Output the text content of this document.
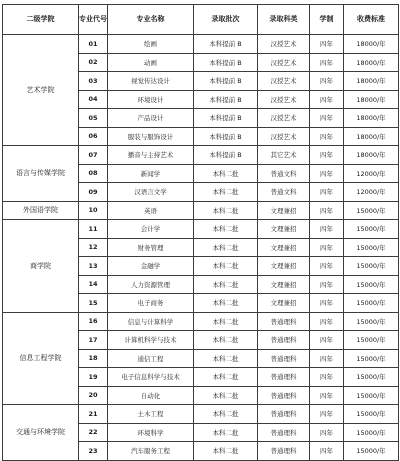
二级学院	专业代号	专业名称	录取批次	录取科类	学制	收费标准
艺术学院	01	绘画	本科提前 B	汉授艺术	四年	18000/年
	02	动画	本科提前 B	汉授艺术	四年	18000/年
	03	视觉传达设计	本科提前 B	汉授艺术	四年	18000/年
	04	环境设计	本科提前 B	汉授艺术	四年	18000/年
	05	产品设计	本科提前 B	汉授艺术	四年	18000/年
	06	服装与服饰设计	本科提前 B	汉授艺术	四年	18000/年
语言与传媒学院	07	播音与主持艺术	本科提前 B	其它艺术	四年	18000/年
	08	新闻学	本科二批	普通文科	四年	12000/年
	09	汉语言文学	本科二批	普通文科	四年	12000/年
外国语学院	10	英语	本科二批	文理兼招	四年	15000/年
商学院	11	会计学	本科二批	文理兼招	四年	15000/年
	12	财务管理	本科二批	文理兼招	四年	15000/年
	13	金融学	本科二批	文理兼招	四年	15000/年
	14	人力资源管理	本科二批	文理兼招	四年	15000/年
	15	电子商务	本科二批	文理兼招	四年	15000/年
信息工程学院	16	信息与计算科学	本科二批	普通理科	四年	15000/年
	17	计算机科学与技术	本科二批	普通理科	四年	15000/年
	18	通信工程	本科二批	普通理科	四年	15000/年
	19	电子信息科学与技术	本科二批	普通理科	四年	15000/年
	20	自动化	本科二批	普通理科	四年	15000/年
交通与环境学院	21	土木工程	本科二批	普通理科	四年	15000/年
	22	环境科学	本科二批	普通理科	四年	15000/年
	23	汽车服务工程	本科二批	普通理科	四年	15000/年
